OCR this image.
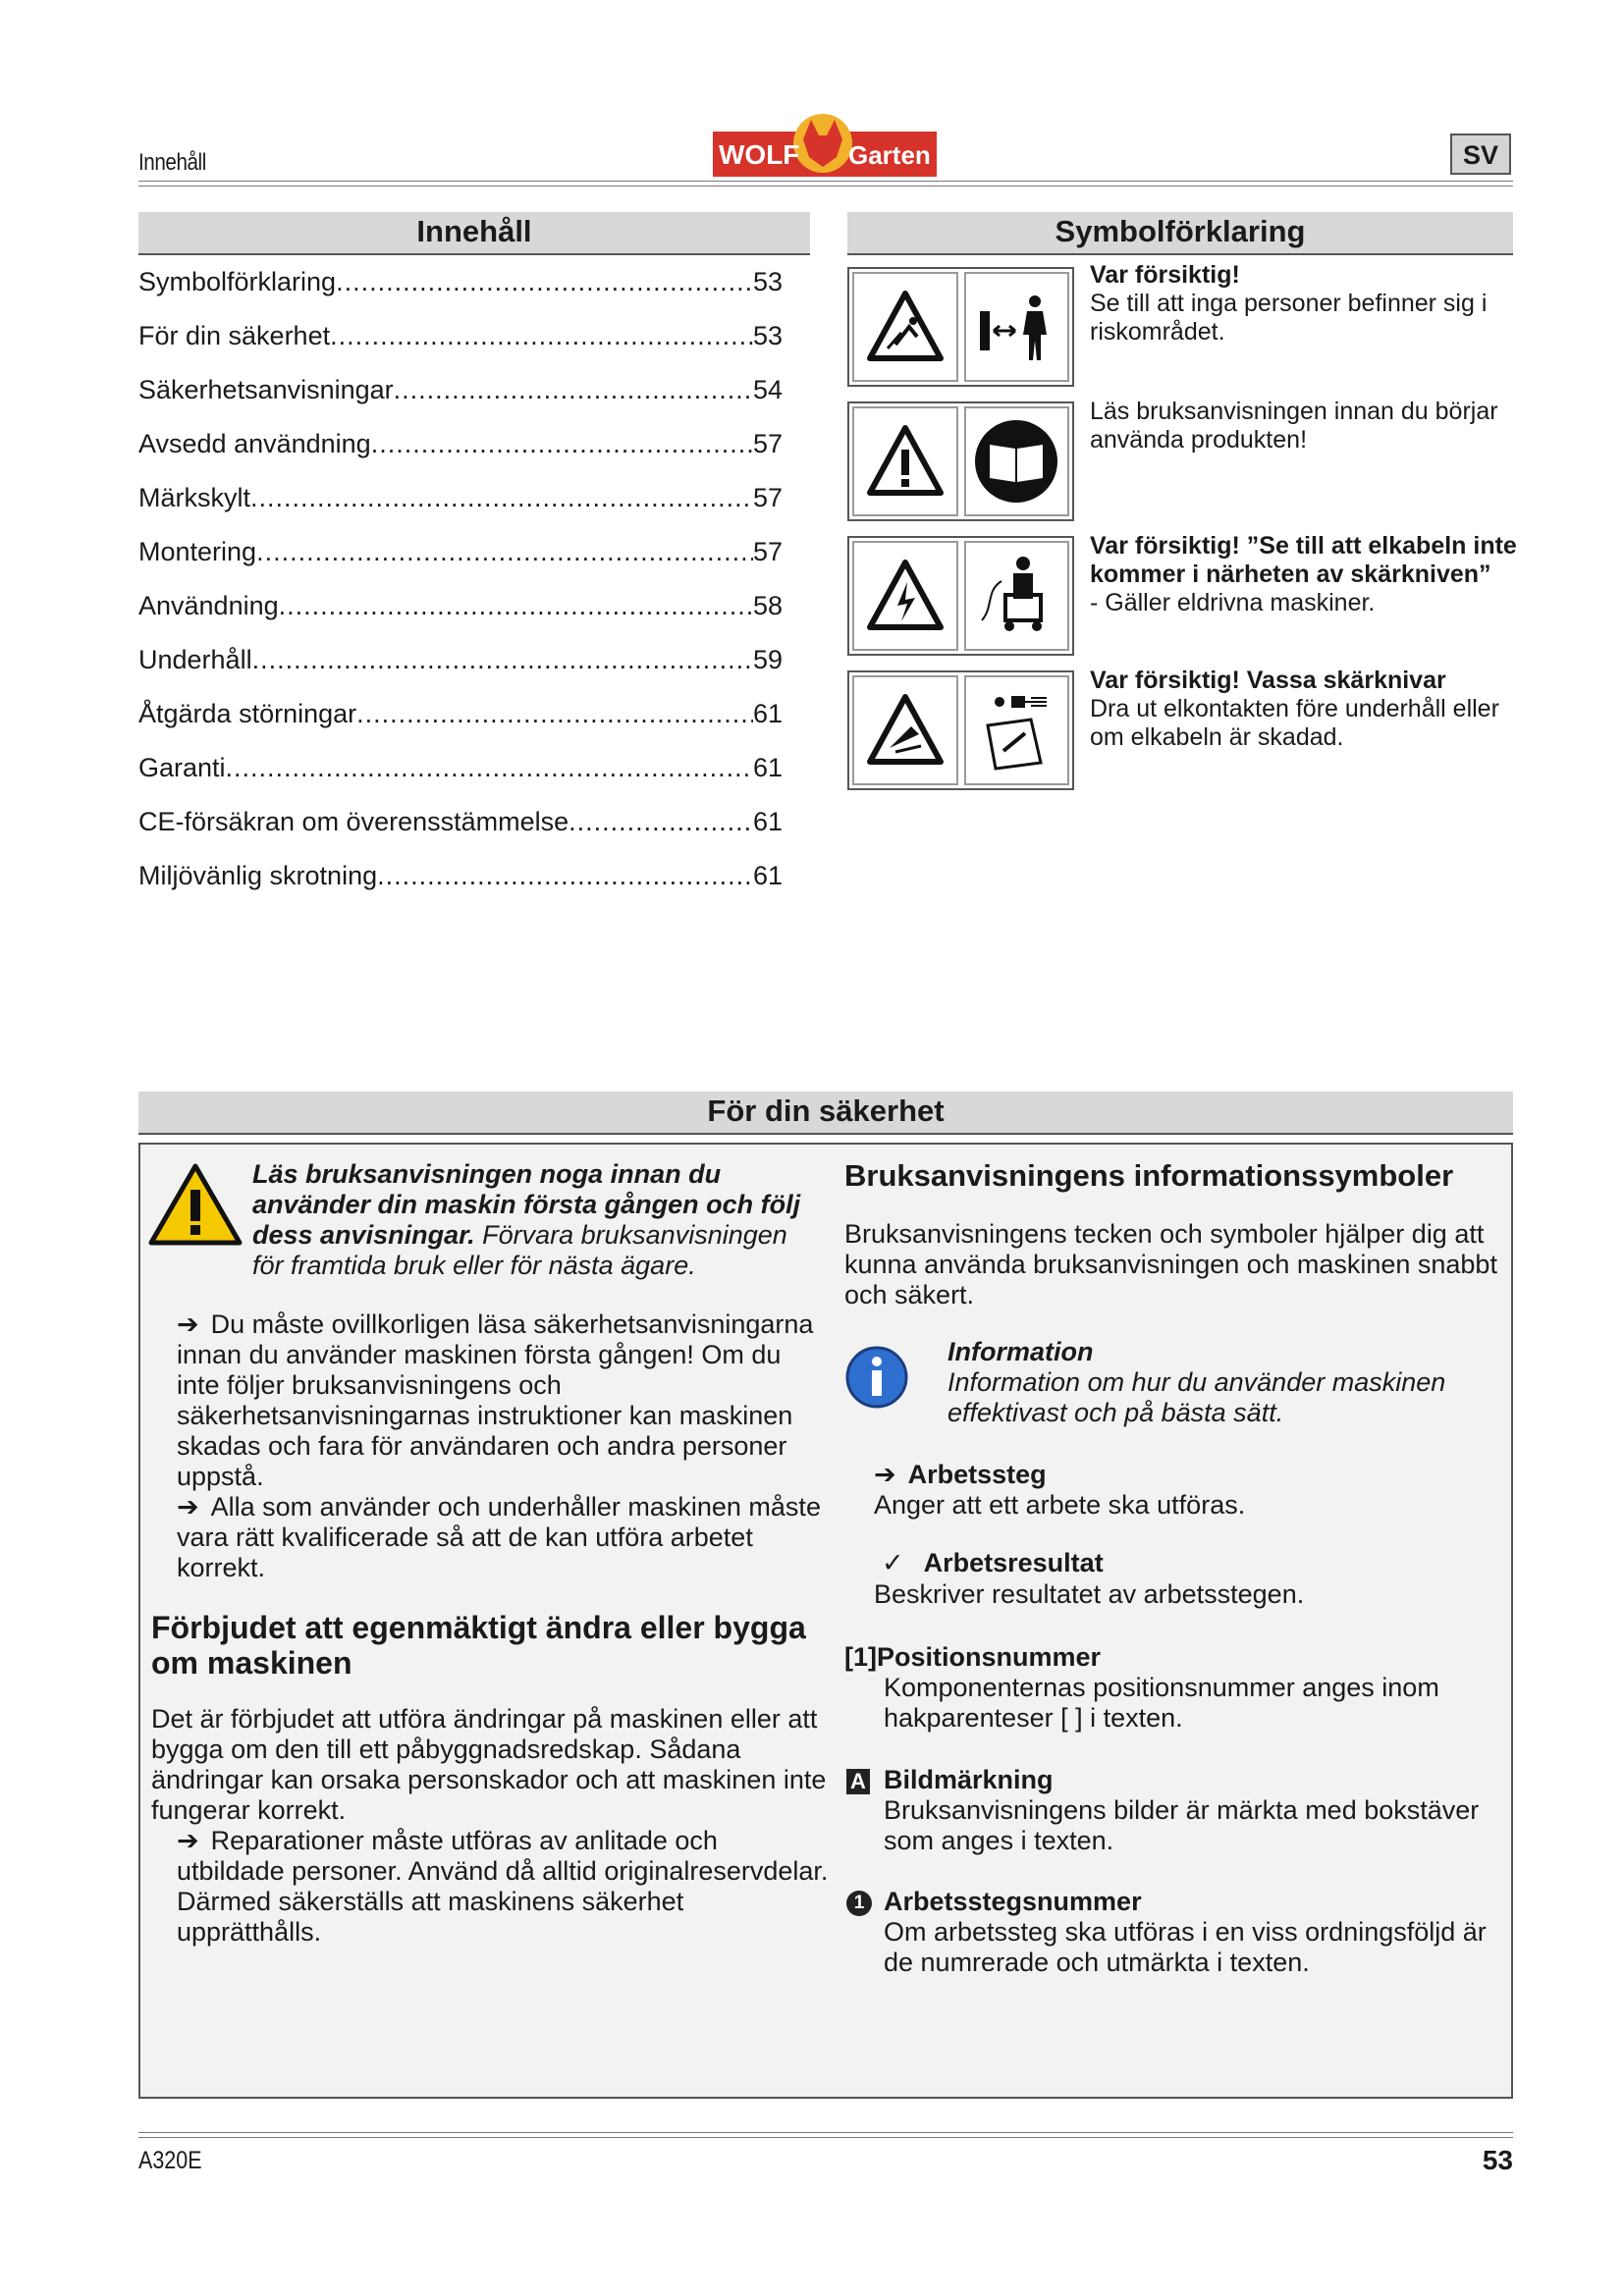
Innehåll	WOLF Garten	SV
Innehåll
Symbolförklaring .....	53
För din säkerhet .....	53
Säkerhetsanvisningar .....	54
Avsedd användning .....	57
Märkskylt .....	57
Montering .....	57
Användning .....	58
Underhåll .....	59
Åtgärda störningar .....	61
Garanti .....	61
CE-försäkran om överensstämmelse .....	61
Miljövänlig skrotning .....	61
Symbolförklaring
Var försiktig!
Se till att inga personer befinner sig i riskområdet.
Läs bruksanvisningen innan du börjar använda produkten!
Var försiktig! ”Se till att elkabeln inte kommer i närheten av skärkniven”
- Gäller eldrivna maskiner.
Var försiktig! Vassa skärknivar
Dra ut elkontakten före underhåll eller om elkabeln är skadad.
För din säkerhet
Läs bruksanvisningen noga innan du använder din maskin första gången och följ dess anvisningar. Förvara bruksanvisningen för framtida bruk eller för nästa ägare.
➔ Du måste ovillkorligen läsa säkerhetsanvisningarna innan du använder maskinen första gången! Om du inte följer bruksanvisningens och säkerhetsanvisningarnas instruktioner kan maskinen skadas och fara för användaren och andra personer uppstå.
➔ Alla som använder och underhåller maskinen måste vara rätt kvalificerade så att de kan utföra arbetet korrekt.
Förbjudet att egenmäktigt ändra eller bygga om maskinen
Det är förbjudet att utföra ändringar på maskinen eller att bygga om den till ett påbyggnadsredskap. Sådana ändringar kan orsaka personskador och att maskinen inte fungerar korrekt.
➔ Reparationer måste utföras av anlitade och utbildade personer. Använd då alltid originalreservdelar. Därmed säkerställs att maskinens säkerhet upprätthålls.
Bruksanvisningens informationssymboler
Bruksanvisningens tecken och symboler hjälper dig att kunna använda bruksanvisningen och maskinen snabbt och säkert.
Information
Information om hur du använder maskinen effektivast och på bästa sätt.
➔ Arbetssteg
Anger att ett arbete ska utföras.
✓ Arbetsresultat
Beskriver resultatet av arbetsstegen.
[1]Positionsnummer
Komponenternas positionsnummer anges inom hakparenteser [ ] i texten.
A Bildmärkning
Bruksanvisningens bilder är märkta med bokstäver som anges i texten.
1 Arbetsstegsnummer
Om arbetssteg ska utföras i en viss ordningsföljd är de numrerade och utmärkta i texten.
A320E	53
